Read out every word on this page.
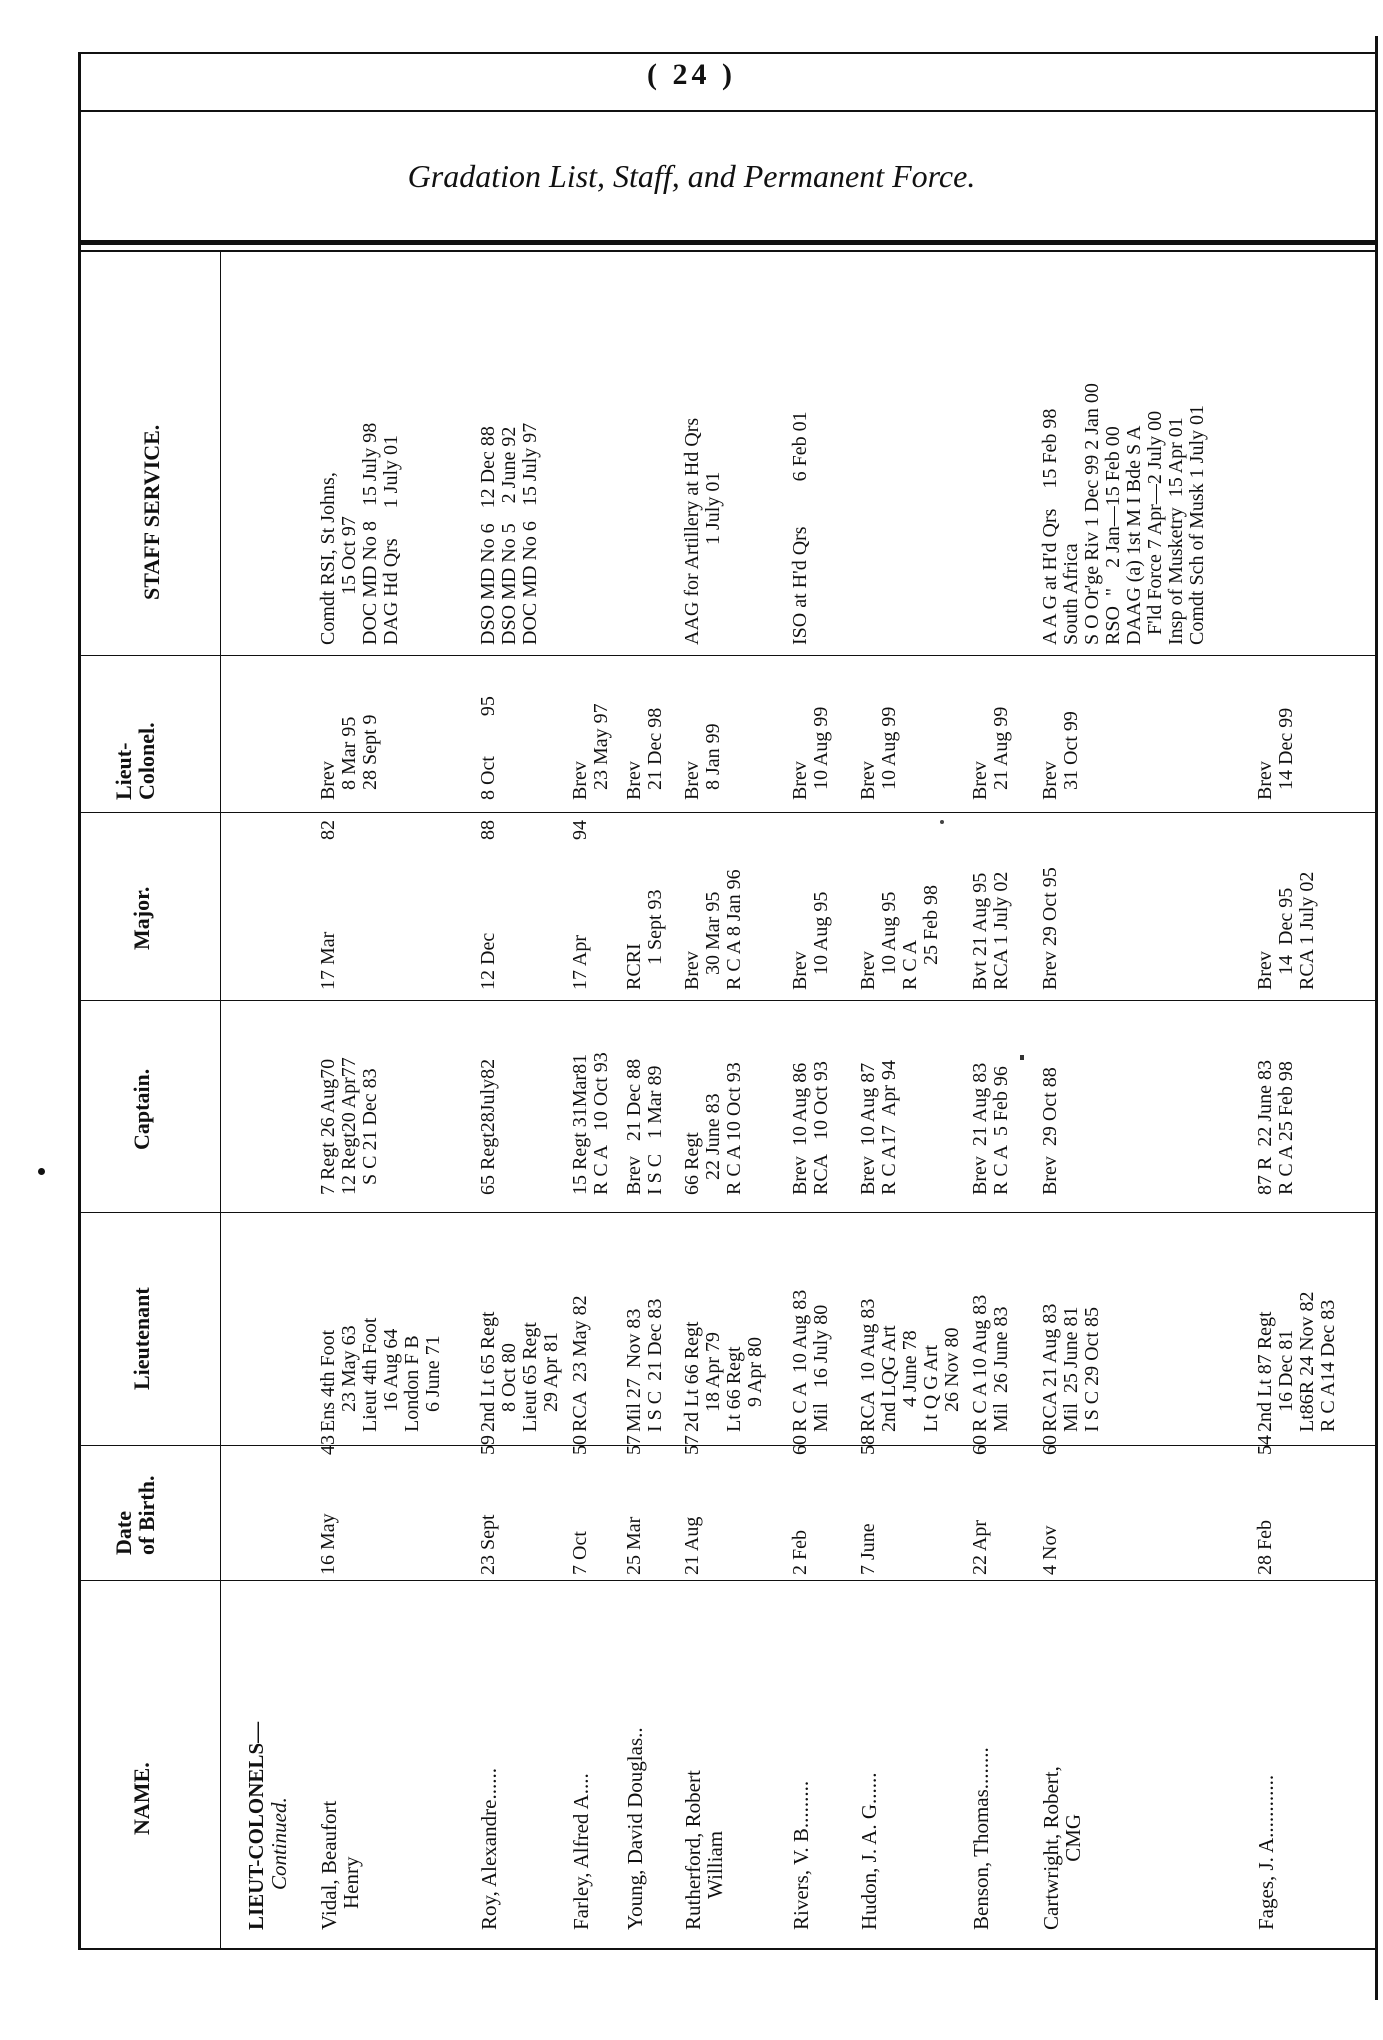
( 24 )
Gradation List, Staff, and Permanent Force.
NAME.
Date
of Birth.
Lieutenant
Captain.
Major.
Lieut-
Colonel.
STAFF SERVICE.
LIEUT-COLONELS— Continued.
Vidal, Beaufort
Henry
16 May
43
Ens 4th Foot
23 May 63
Lieut 4th Foot
16 Aug 64
London F B
6 June 71
7 Regt 26 Aug70
12 Regt20 Apr77
S C 21 Dec 83
17 Mar
82
Brev
8 Mar 95
28 Sept 9
Comdt RSI, St Johns,
15 Oct 97
DOC MD No 8   15 July 98
DAG Hd Qrs      1 July 01
Roy, Alexandre......
23 Sept
59
2nd Lt 65 Regt
8 Oct 80
Lieut 65 Regt
29 Apr 81
65 Regt28July82
12 Dec
88
8 Oct        95
DSO MD No 6   12 Dec 88
DSO MD No 5    2 June 92
DOC MD No 6   15 July 97
Farley, Alfred A....
7 Oct
50
RCA  23 May 82
15 Regt 31Mar81
R C A   10 Oct 93
17 Apr
94
Brev
23 May 97
Young, David Douglas..
25 Mar
57
Mil 27  Nov 83
I S C  21 Dec 83
Brev   21 Dec 88
I S C   1 Mar 89
RCRI
1 Sept 93
Brev
21 Dec 98
Rutherford, Robert
William
21 Aug
57
2d Lt 66 Regt
18 Apr 79
Lt 66 Regt
9 Apr 80
66 Regt
22 June 83
R C A 10 Oct 93
Brev
30 Mar 95
R C A 8 Jan 96
Brev
8 Jan 99
AAG for Artillery at Hd Qrs
1 July 01
Rivers, V. B.........
2 Feb
60
R C A  10 Aug 83
Mil   16 July 80
Brev  10 Aug 86
RCA   10 Oct 93
Brev
10 Aug 95
Brev
10 Aug 99
ISO at H'd Qrs         6 Feb 01
Hudon, J. A. G......
7 June
58
RCA  10 Aug 83
2nd LQG Art
4 June 78
Lt Q G Art
26 Nov 80
Brev  10 Aug 87
R C A17  Apr 94
Brev
10 Aug 95
R C A
25 Feb 98
Brev
10 Aug 99
Benson, Thomas........
22 Apr
60
R C A 10 Aug 83
Mil  26 June 83
Brev  21 Aug 83
R C A  5 Feb 96
Bvt 21 Aug 95
RCA 1 July 02
Brev
21 Aug 99
Cartwright, Robert,
CMG
4 Nov
60
RCA 21 Aug 83
Mil  25 June 81
I S C 29 Oct 85
Brev  29 Oct 88
Brev 29 Oct 95
Brev
31 Oct 99
A A G at H'd Qrs    15 Feb 98
South Africa
S O Or'ge Riv 1 Dec 99 2 Jan 00
RSO  "    2 Jan—15 Feb 00
DAAG (a) 1st M I Bde S A
F'ld Force 7 Apr—2 July 00
Insp of Musketry  15 Apr 01
Comdt Sch of Musk 1 July 01
Fages, J. A............
28 Feb
54
2nd Lt 87 Regt
16 Dec 81
Lt86R 24 Nov 82
R C A14 Dec 83
87 R  22 June 83
R C A 25 Feb 98
Brev
14  Dec 95
RCA 1 July 02
Brev
14 Dec 99
